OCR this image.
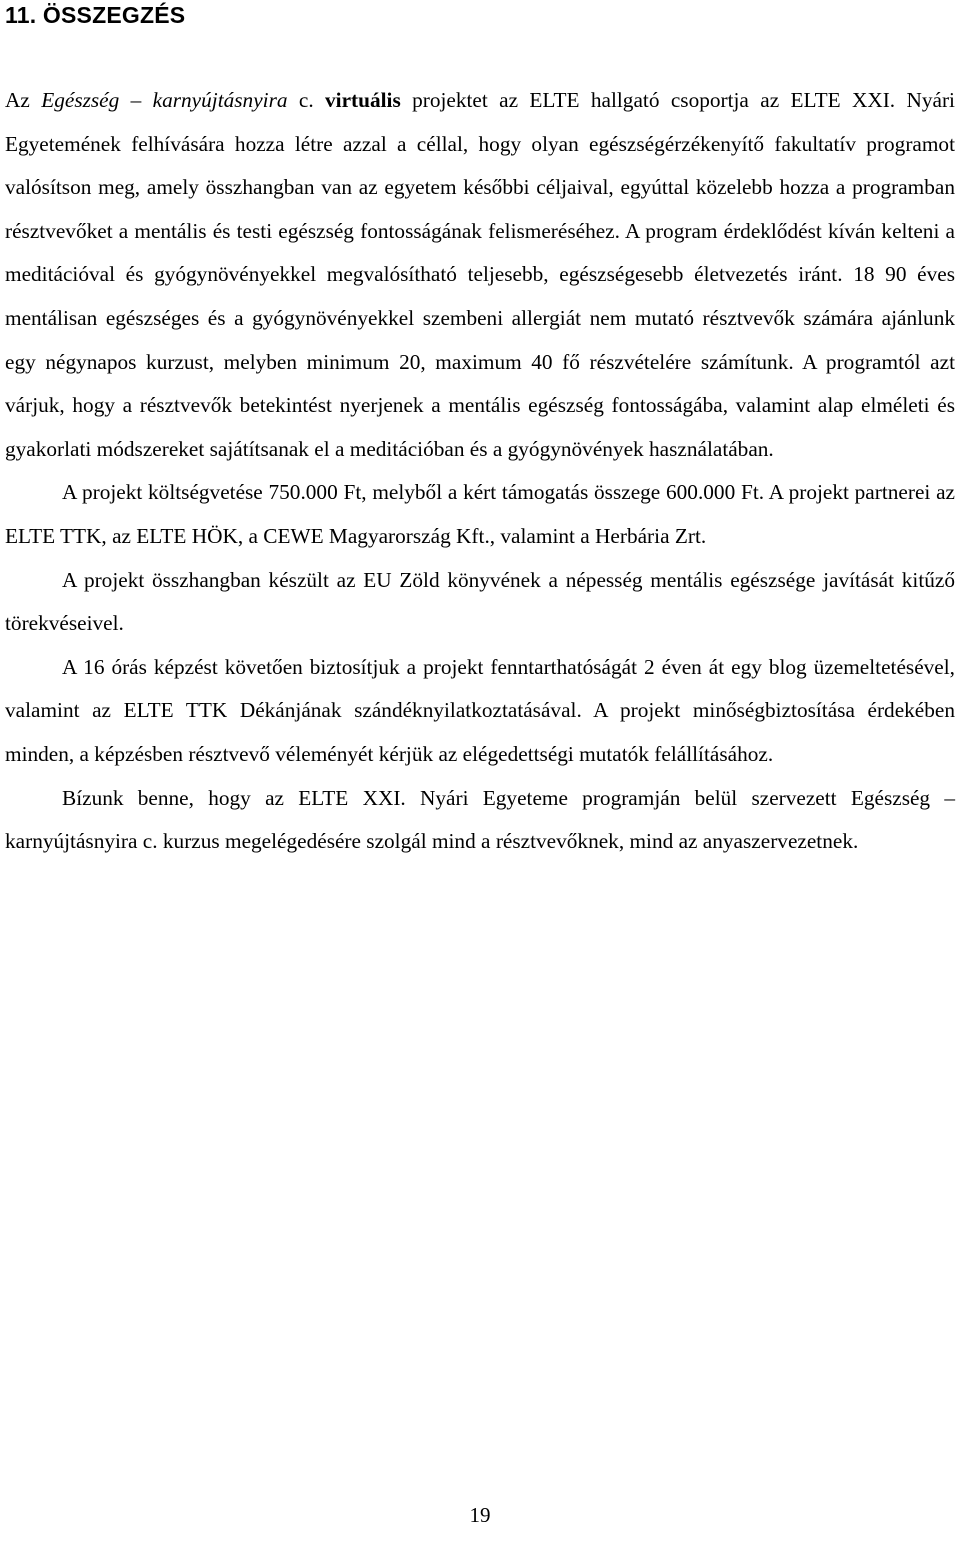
11. ÖSSZEGZÉS

Az Egészség – karnyújtásnyira c. virtuális projektet az ELTE hallgató csoportja az ELTE XXI. Nyári Egyetemének felhívására hozza létre azzal a céllal, hogy olyan egészségérzékenyítő fakultatív programot valósítson meg, amely összhangban van az egyetem későbbi céljaival, egyúttal közelebb hozza a programban résztvevőket a mentális és testi egészség fontosságának felismeréséhez. A program érdeklődést kíván kelteni a meditációval és gyógynövényekkel megvalósítható teljesebb, egészségesebb életvezetés iránt. 18 90 éves mentálisan egészséges és a gyógynövényekkel szembeni allergiát nem mutató résztvevők számára ajánlunk egy négynapos kurzust, melyben minimum 20, maximum 40 fő részvételére számítunk. A programtól azt várjuk, hogy a résztvevők betekintést nyerjenek a mentális egészség fontosságába, valamint alap elméleti és gyakorlati módszereket sajátítsanak el a meditációban és a gyógynövények használatában.

A projekt költségvetése 750.000 Ft, melyből a kért támogatás összege 600.000 Ft. A projekt partnerei az ELTE TTK, az ELTE HÖK, a CEWE Magyarország Kft., valamint a Herbária Zrt.

A projekt összhangban készült az EU Zöld könyvének a népesség mentális egészsége javítását kitűző törekvéseivel.

A 16 órás képzést követően biztosítjuk a projekt fenntarthatóságát 2 éven át egy blog üzemeltetésével, valamint az ELTE TTK Dékánjának szándéknyilatkoztatásával. A projekt minőségbiztosítása érdekében minden, a képzésben résztvevő véleményét kérjük az elégedettségi mutatók felállításához.

Bízunk benne, hogy az ELTE XXI. Nyári Egyeteme programján belül szervezett Egészség – karnyújtásnyira c. kurzus megelégedésére szolgál mind a résztvevőknek, mind az anyaszervezetnek.

19
